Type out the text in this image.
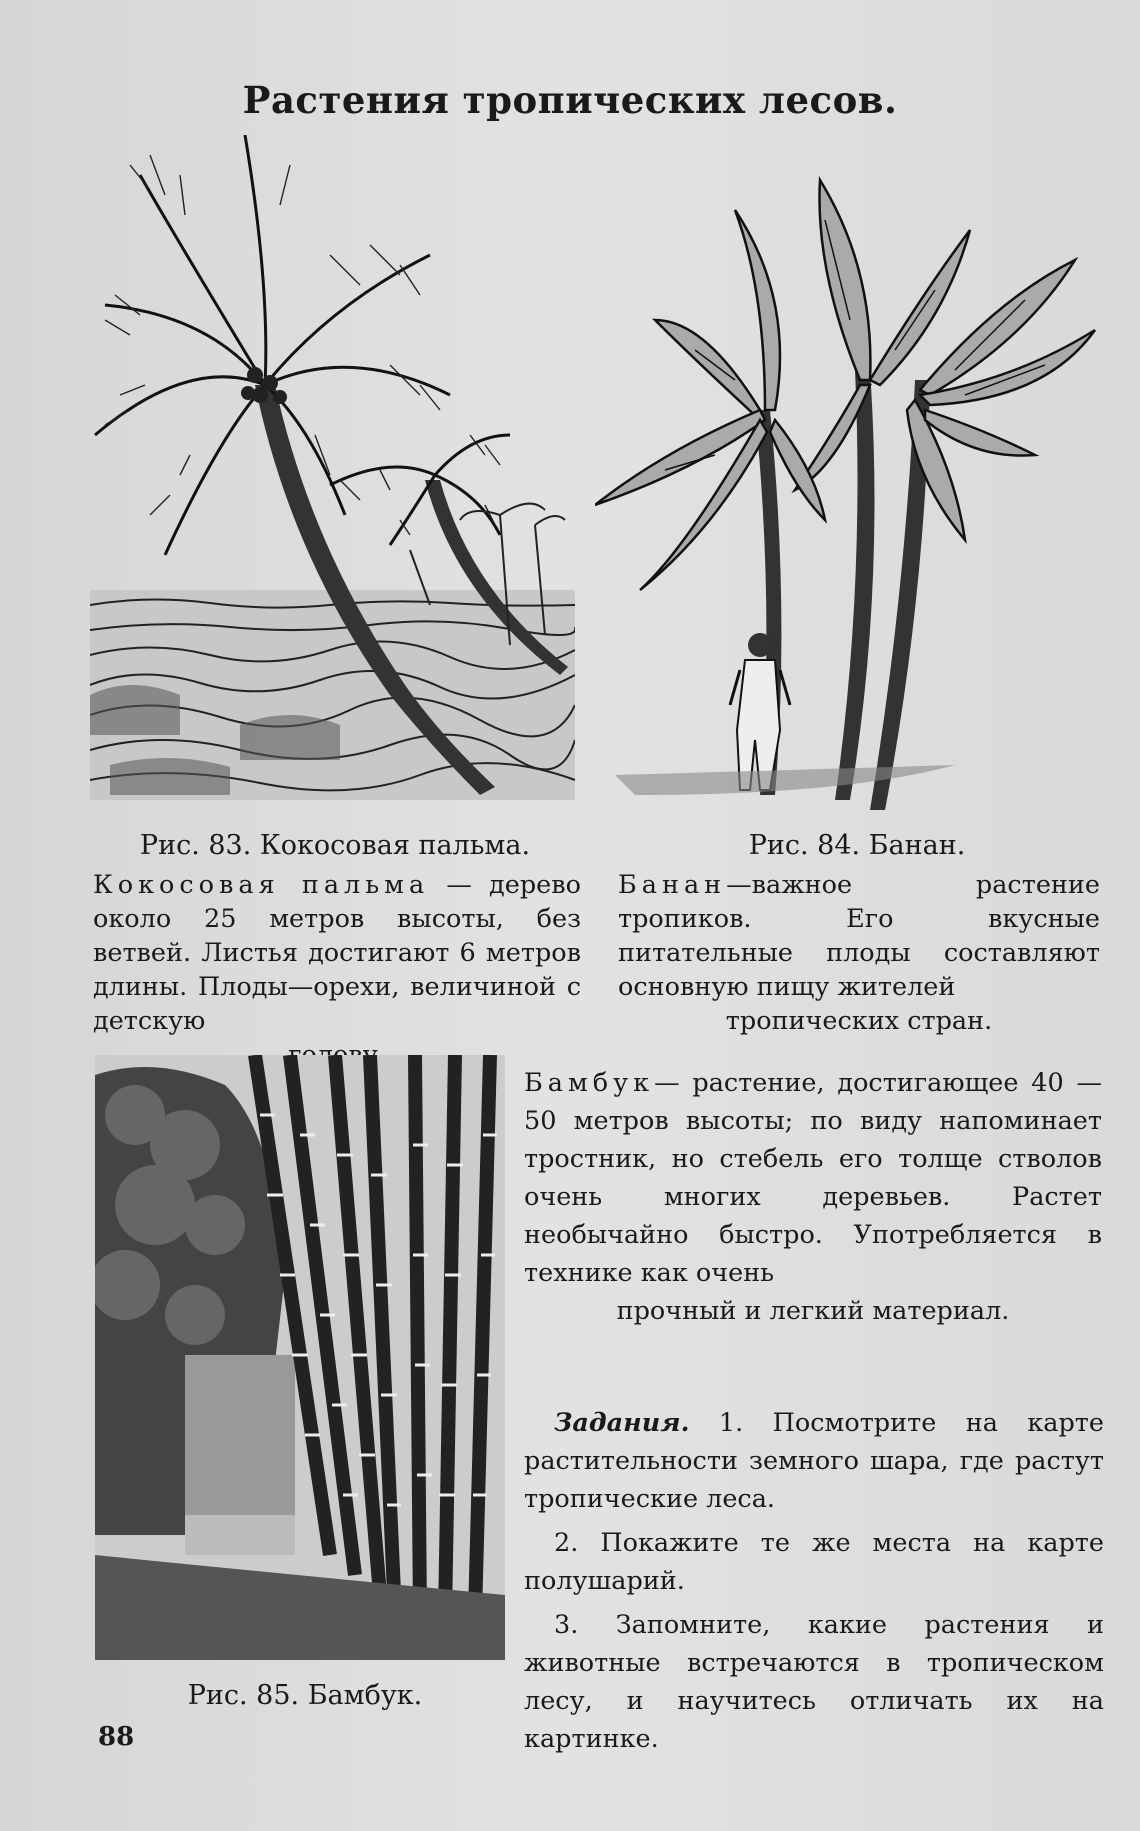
Растения тропических лесов.
Рис. 83. Кокосовая пальма.
Кокосовая пальма — дерево около 25 метров высоты, без ветвей. Листья достигают 6 метров длины. Плоды—орехи, величиной с детскую
Рис. 84. Банан.
Банан—важное растение тропиков. Его вкусные питательные плоды составляют основную пищу жителей
тропических стран.
Рис. 85. Бамбук.
Бамбук— растение, достигающее 40 — 50 метров высоты; по виду напоминает тростник, но стебель его толще стволов очень многих деревьев. Растет необычайно быстро. Употребляется в технике как очень
прочный и легкий материал.

Задания. 1. Посмотрите на карте растительности земного шара, где растут тропические леса.

2. Покажите те же места на карте полушарий.

3. Запомните, какие растения и животные встречаются в тропическом лесу, и научитесь отличать их на картинке.

88
